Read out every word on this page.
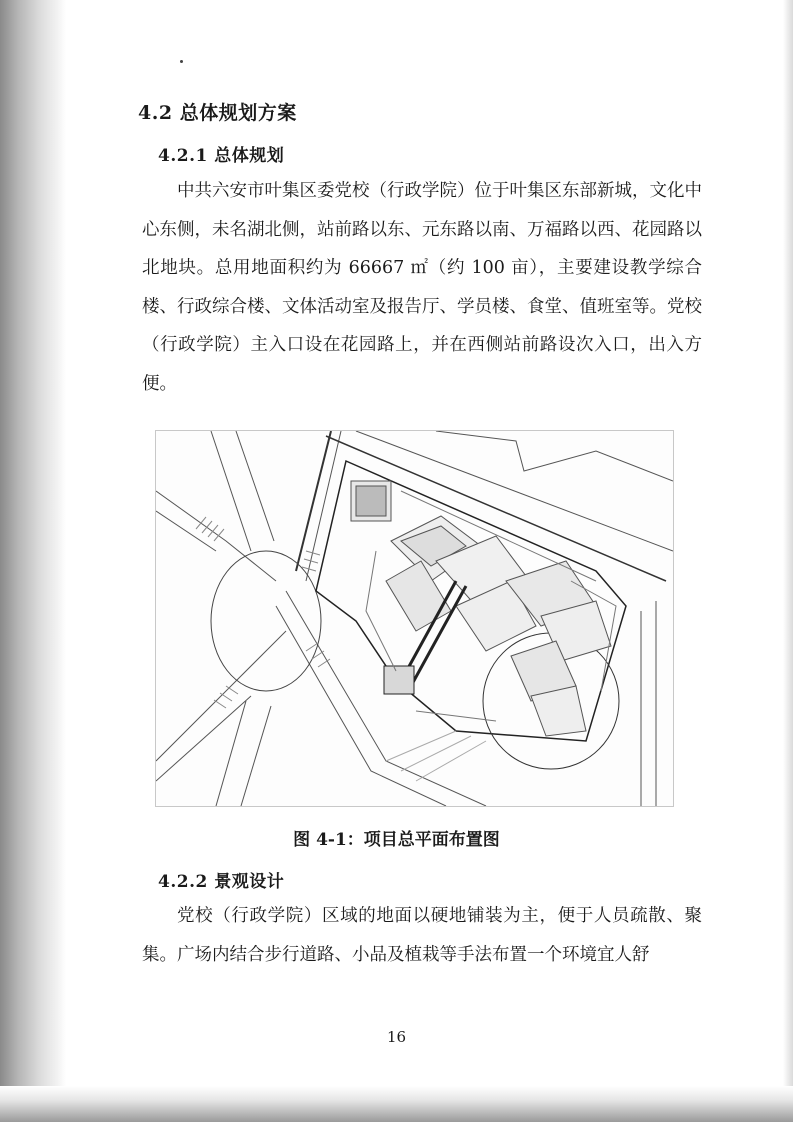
4.2 总体规划方案
4.2.1 总体规划

中共六安市叶集区委党校（行政学院）位于叶集区东部新城，文化中心东侧，未名湖北侧，站前路以东、元东路以南、万福路以西、花园路以北地块。总用地面积约为 66667 ㎡（约 100 亩），主要建设教学综合楼、行政综合楼、文体活动室及报告厅、学员楼、食堂、值班室等。党校（行政学院）主入口设在花园路上，并在西侧站前路设次入口，出入方便。

图 4-1：项目总平面布置图
4.2.2 景观设计

党校（行政学院）区域的地面以硬地铺装为主，便于人员疏散、聚集。广场内结合步行道路、小品及植栽等手法布置一个环境宜人舒

16
